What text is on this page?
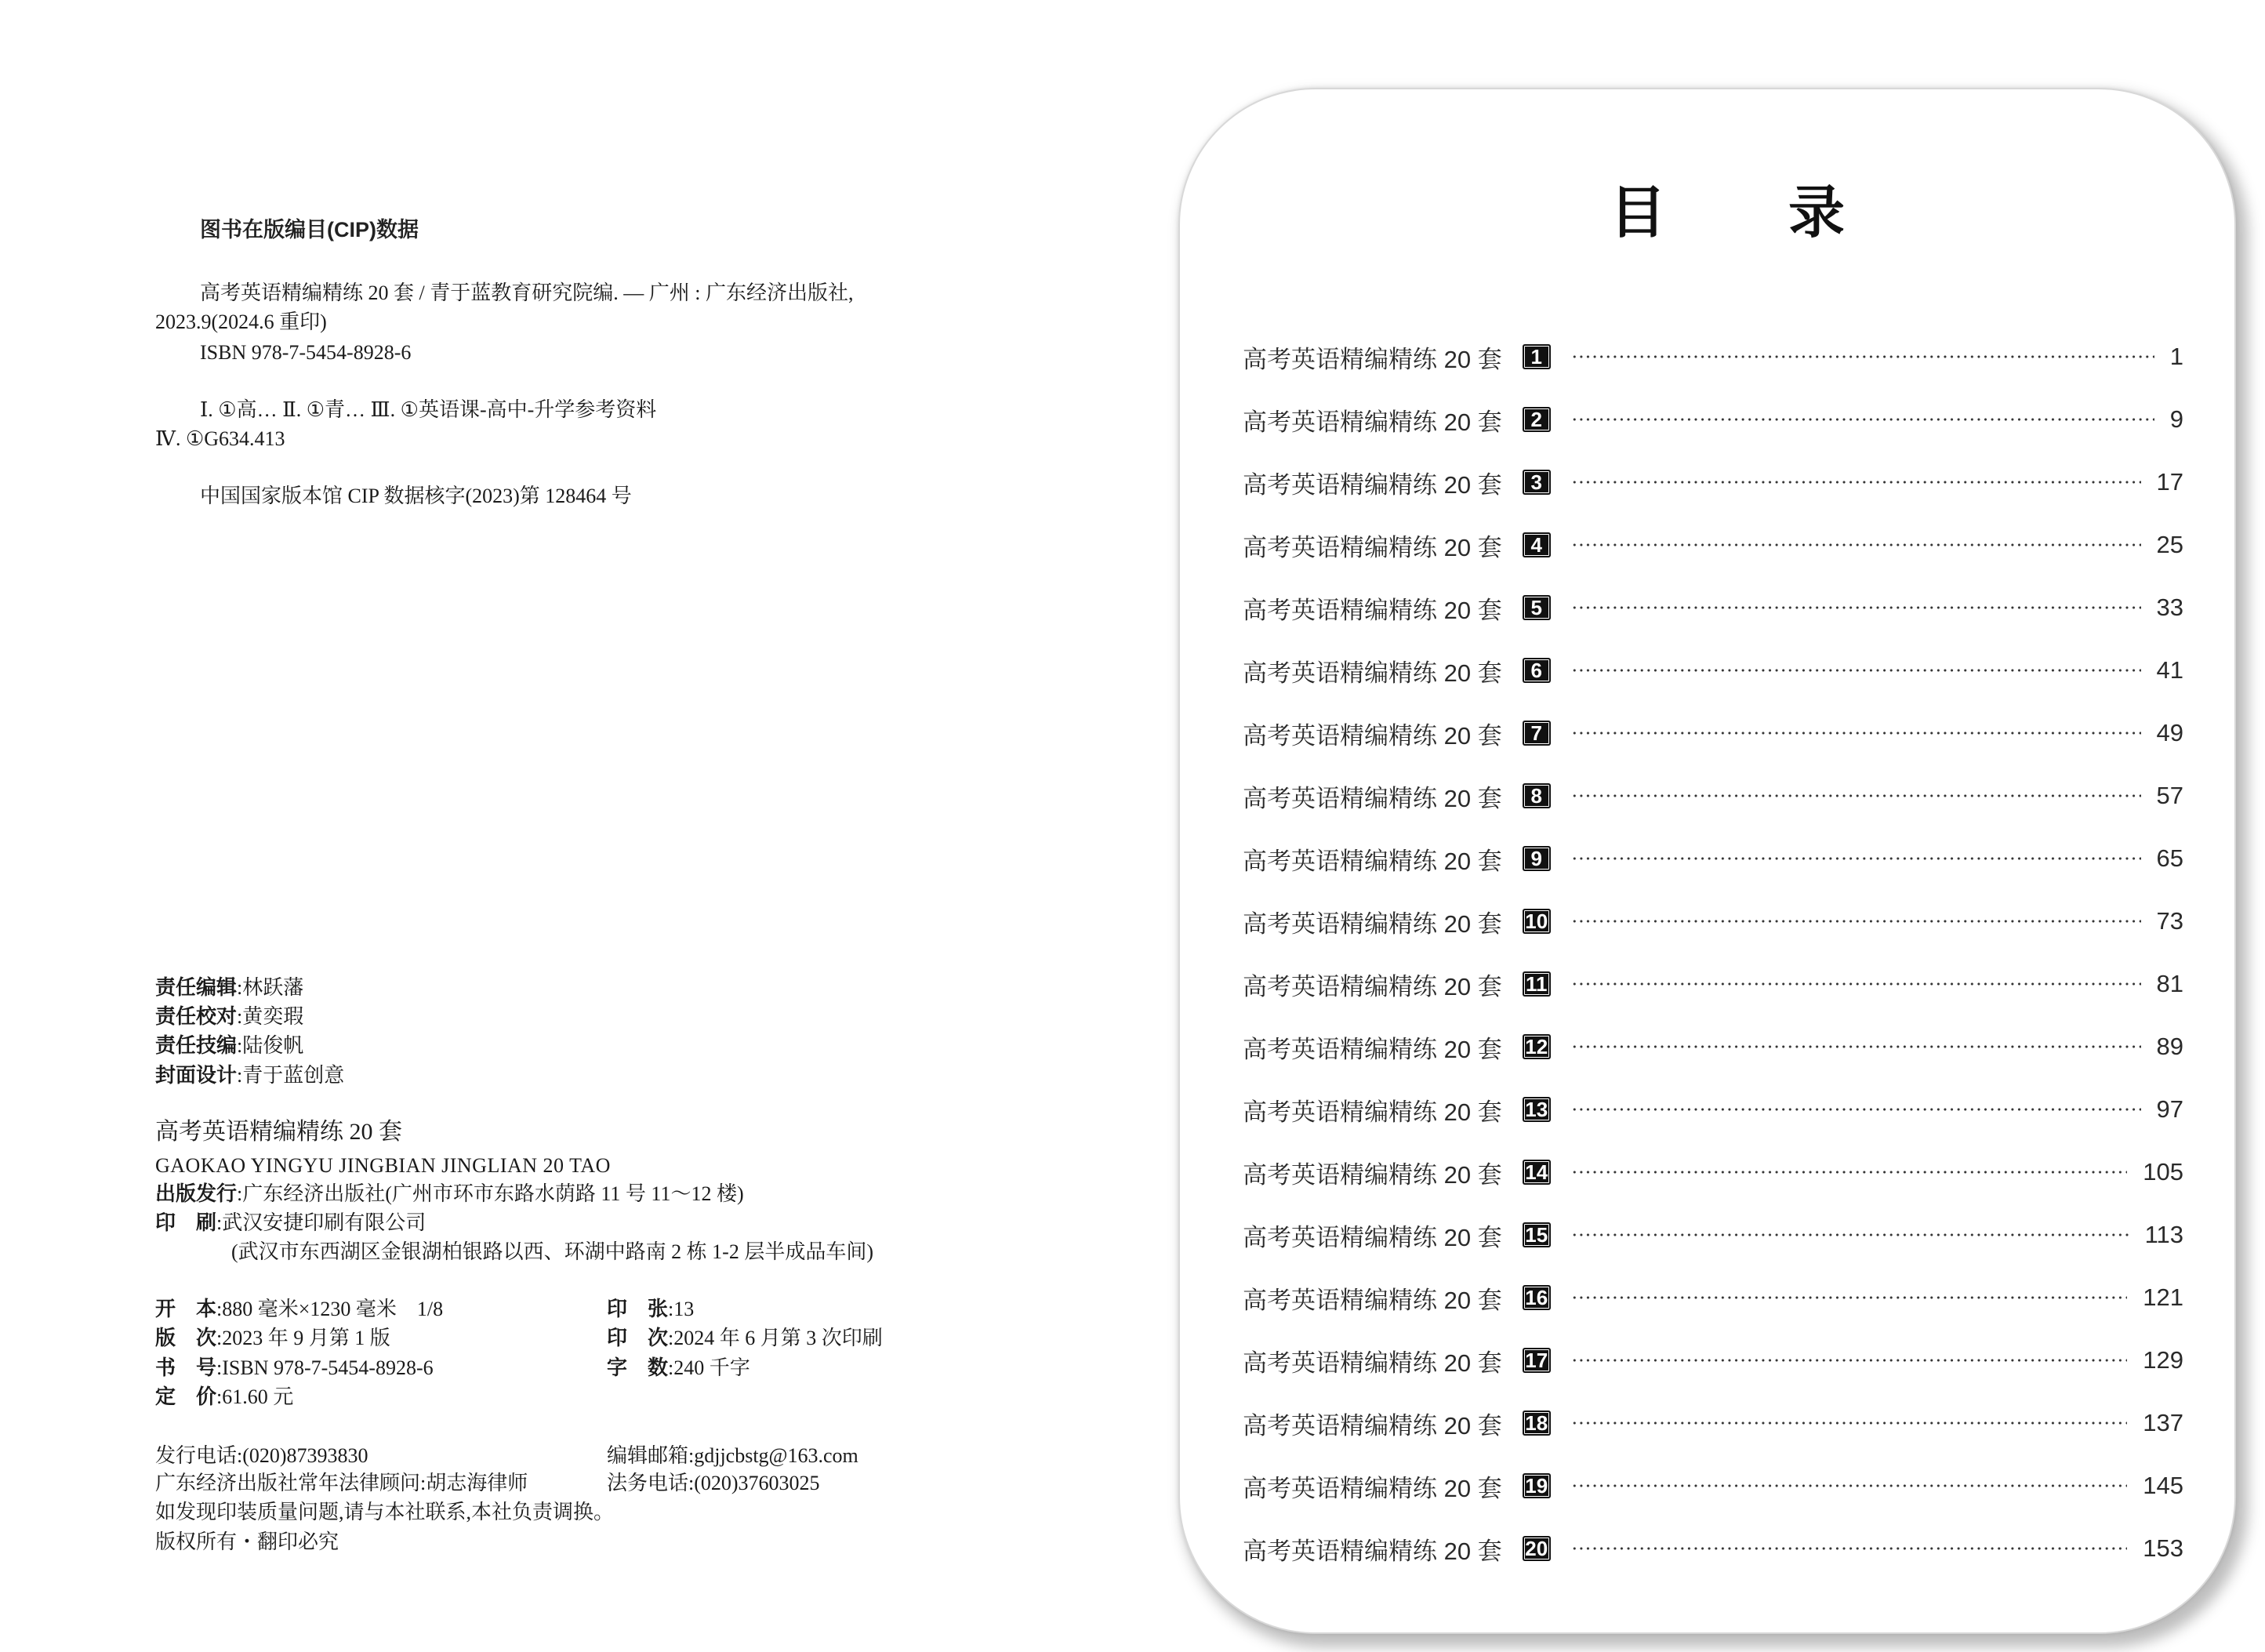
图书在版编目(CIP)数据
高考英语精编精练 20 套 / 青于蓝教育研究院编. — 广州 : 广东经济出版社,
2023.9(2024.6 重印)
ISBN 978-7-5454-8928-6
Ⅰ. ①高… Ⅱ. ①青… Ⅲ. ①英语课-高中-升学参考资料
Ⅳ. ①G634.413
中国国家版本馆 CIP 数据核字(2023)第 128464 号
责任编辑:林跃藩
责任校对:黄奕瑕
责任技编:陆俊帆
封面设计:青于蓝创意
高考英语精编精练 20 套
GAOKAO YINGYU JINGBIAN JINGLIAN 20 TAO
出版发行:广东经济出版社(广州市环市东路水荫路 11 号 11～12 楼)
印　刷:武汉安捷印刷有限公司
(武汉市东西湖区金银湖柏银路以西、环湖中路南 2 栋 1-2 层半成品车间)
开　本:880 毫米×1230 毫米　1/8	印　张:13
版　次:2023 年 9 月第 1 版	印　次:2024 年 6 月第 3 次印刷
书　号:ISBN 978-7-5454-8928-6	字　数:240 千字
定　价:61.60 元
发行电话:(020)87393830	编辑邮箱:gdjjcbstg@163.com
广东经济出版社常年法律顾问:胡志海律师	法务电话:(020)37603025
如发现印装质量问题,请与本社联系,本社负责调换。
版权所有・翻印必究
目录
高考英语精编精练 20 套	1	1
高考英语精编精练 20 套	2	9
高考英语精编精练 20 套	3	17
高考英语精编精练 20 套	4	25
高考英语精编精练 20 套	5	33
高考英语精编精练 20 套	6	41
高考英语精编精练 20 套	7	49
高考英语精编精练 20 套	8	57
高考英语精编精练 20 套	9	65
高考英语精编精练 20 套 10	73
高考英语精编精练 20 套 11	81
高考英语精编精练 20 套 12	89
高考英语精编精练 20 套 13	97
高考英语精编精练 20 套 14	105
高考英语精编精练 20 套 15	113
高考英语精编精练 20 套 16	121
高考英语精编精练 20 套 17	129
高考英语精编精练 20 套 18	137
高考英语精编精练 20 套 19	145
高考英语精编精练 20 套 20	153
